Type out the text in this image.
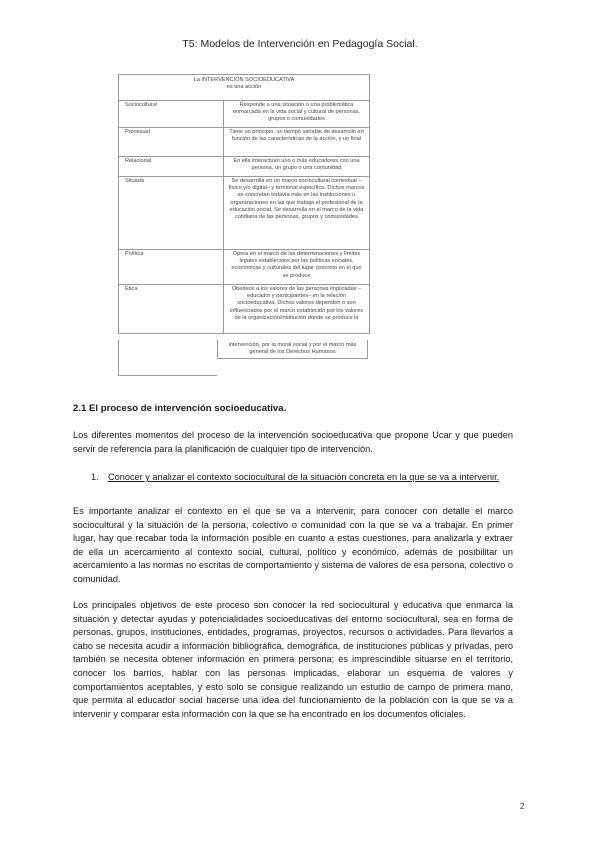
T5: Modelos de Intervención en Pedagogía Social.
La INTERVENCIÓN SOCIOEDUCATIVA
es una acción
Sociocultural	Responde a una situación o una problemática enmarcada en la vida social y cultural de personas, grupos o comunidades
Procesual	Tiene un principio, un tiempo variable de desarrollo en función de las características de la acción, y un final
Relacional	En ella interactúan uno o más educadores con una persona, un grupo o una comunidad
Situada	Se desarrolla en un marco sociocultural contextual –físico y/o digital– y territorial específico. Dichos marcos se concretan todavía más en las instituciones u organizaciones en las que trabaja el profesional de la educación social. Se desarrolla en el marco de la vida cotidiana de las personas, grupos y comunidades
Política	Opera en el marco de las determinaciones y límites legales establecidos por las políticas sociales, económicas y culturales del lugar concreto en el que se produce
Ética	Obedece a los valores de las personas implicadas –educador y participantes– en la relación socioeducativa. Dichos valores dependen o son influenciados por el marco establecido por los valores de la organización/institución donde se produce la
intervención, por la moral social y por el marco más general de los Derechos Humanos
2.1 El proceso de intervención socioeducativa.

Los diferentes momentos del proceso de la intervención socioeducativa que propone Ucar y que pueden servir de referencia para la planificación de cualquier tipo de intervención.

1.	Conocer y analizar el contexto sociocultural de la situación concreta en la que se va a intervenir.

Es importante analizar el contexto en el que se va a intervenir, para conocer con detalle el marco sociocultural y la situación de la persona, colectivo o comunidad con la que se va a trabajar. En primer lugar, hay que recabar toda la información posible en cuanto a estas cuestiones, para analizarla y extraer de ella un acercamiento al contexto social, cultural, político y económico, además de posibilitar un acercamiento a las normas no escritas de comportamiento y sistema de valores de esa persona, colectivo o comunidad.

Los principales objetivos de este proceso son conocer la red sociocultural y educativa que enmarca la situación y detectar ayudas y potencialidades socioeducativas del entorno sociocultural, sea en forma de personas, grupos, instituciones, entidades, programas, proyectos, recursos o actividades. Para llevarlos a cabo se necesita acudir a información bibliográfica, demográfica, de instituciones públicas y privadas, pero también se necesita obtener información en primera persona; es imprescindible situarse en el territorio, conocer los barrios, hablar con las personas implicadas, elaborar un esquema de valores y comportamientos aceptables, y esto solo se consigue realizando un estudio de campo de primera mano, que permita al educador social hacerse una idea del funcionamiento de la población con la que se va a intervenir y comparar esta información con la que se ha encontrado en los documentos oficiales.

2
